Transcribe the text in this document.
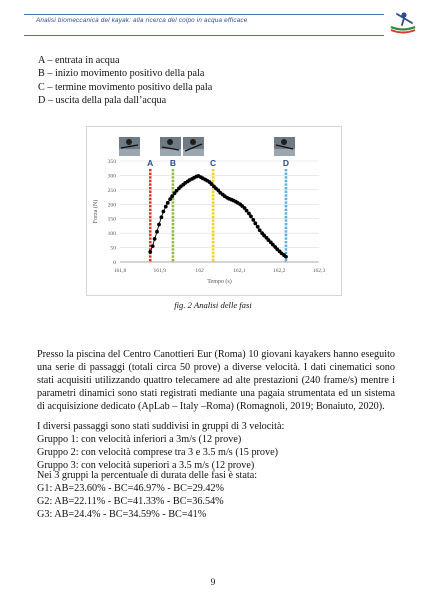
Analisi biomeccanica del kayak: alla ricerca del colpo in acqua efficace
A – entrata in acqua
B – inizio movimento positivo della pala
C – termine movimento positivo della pala
D – uscita della pala dall’acqua
0
50
100
150
200
250
300
350
161,8	161,9	162	162,1	162,2	162,3
Tempo (s)
Forza (N)
A B	C	D
fig. 2 Analisi delle fasi

Presso la piscina del Centro Canottieri Eur (Roma) 10 giovani kayakers hanno eseguito una serie di passaggi (totali circa 50 prove) a diverse velocità. I dati cinematici sono stati acquisiti utilizzando quattro telecamere ad alte prestazioni (240 frame/s) mentre i parametri dinamici sono stati registrati mediante una pagaia strumentata ed un sistema di acquisizione dedicato (ApLab – Italy –Roma) (Romagnoli, 2019; Bonaiuto, 2020).

I diversi passaggi sono stati suddivisi in gruppi di 3 velocità:
Gruppo 1: con velocità inferiori a 3m/s (12 prove)
Gruppo 2: con velocità comprese tra 3 e 3.5 m/s (15 prove)
Gruppo 3: con velocità superiori a 3.5 m/s (12 prove)
Nei 3 gruppi la percentuale di durata delle fasi è stata:
G1: AB=23.60% - BC=46.97% - BC=29.42%
G2: AB=22.11% - BC=41.33% - BC=36.54%
G3: AB=24.4% - BC=34.59% - BC=41%
9
